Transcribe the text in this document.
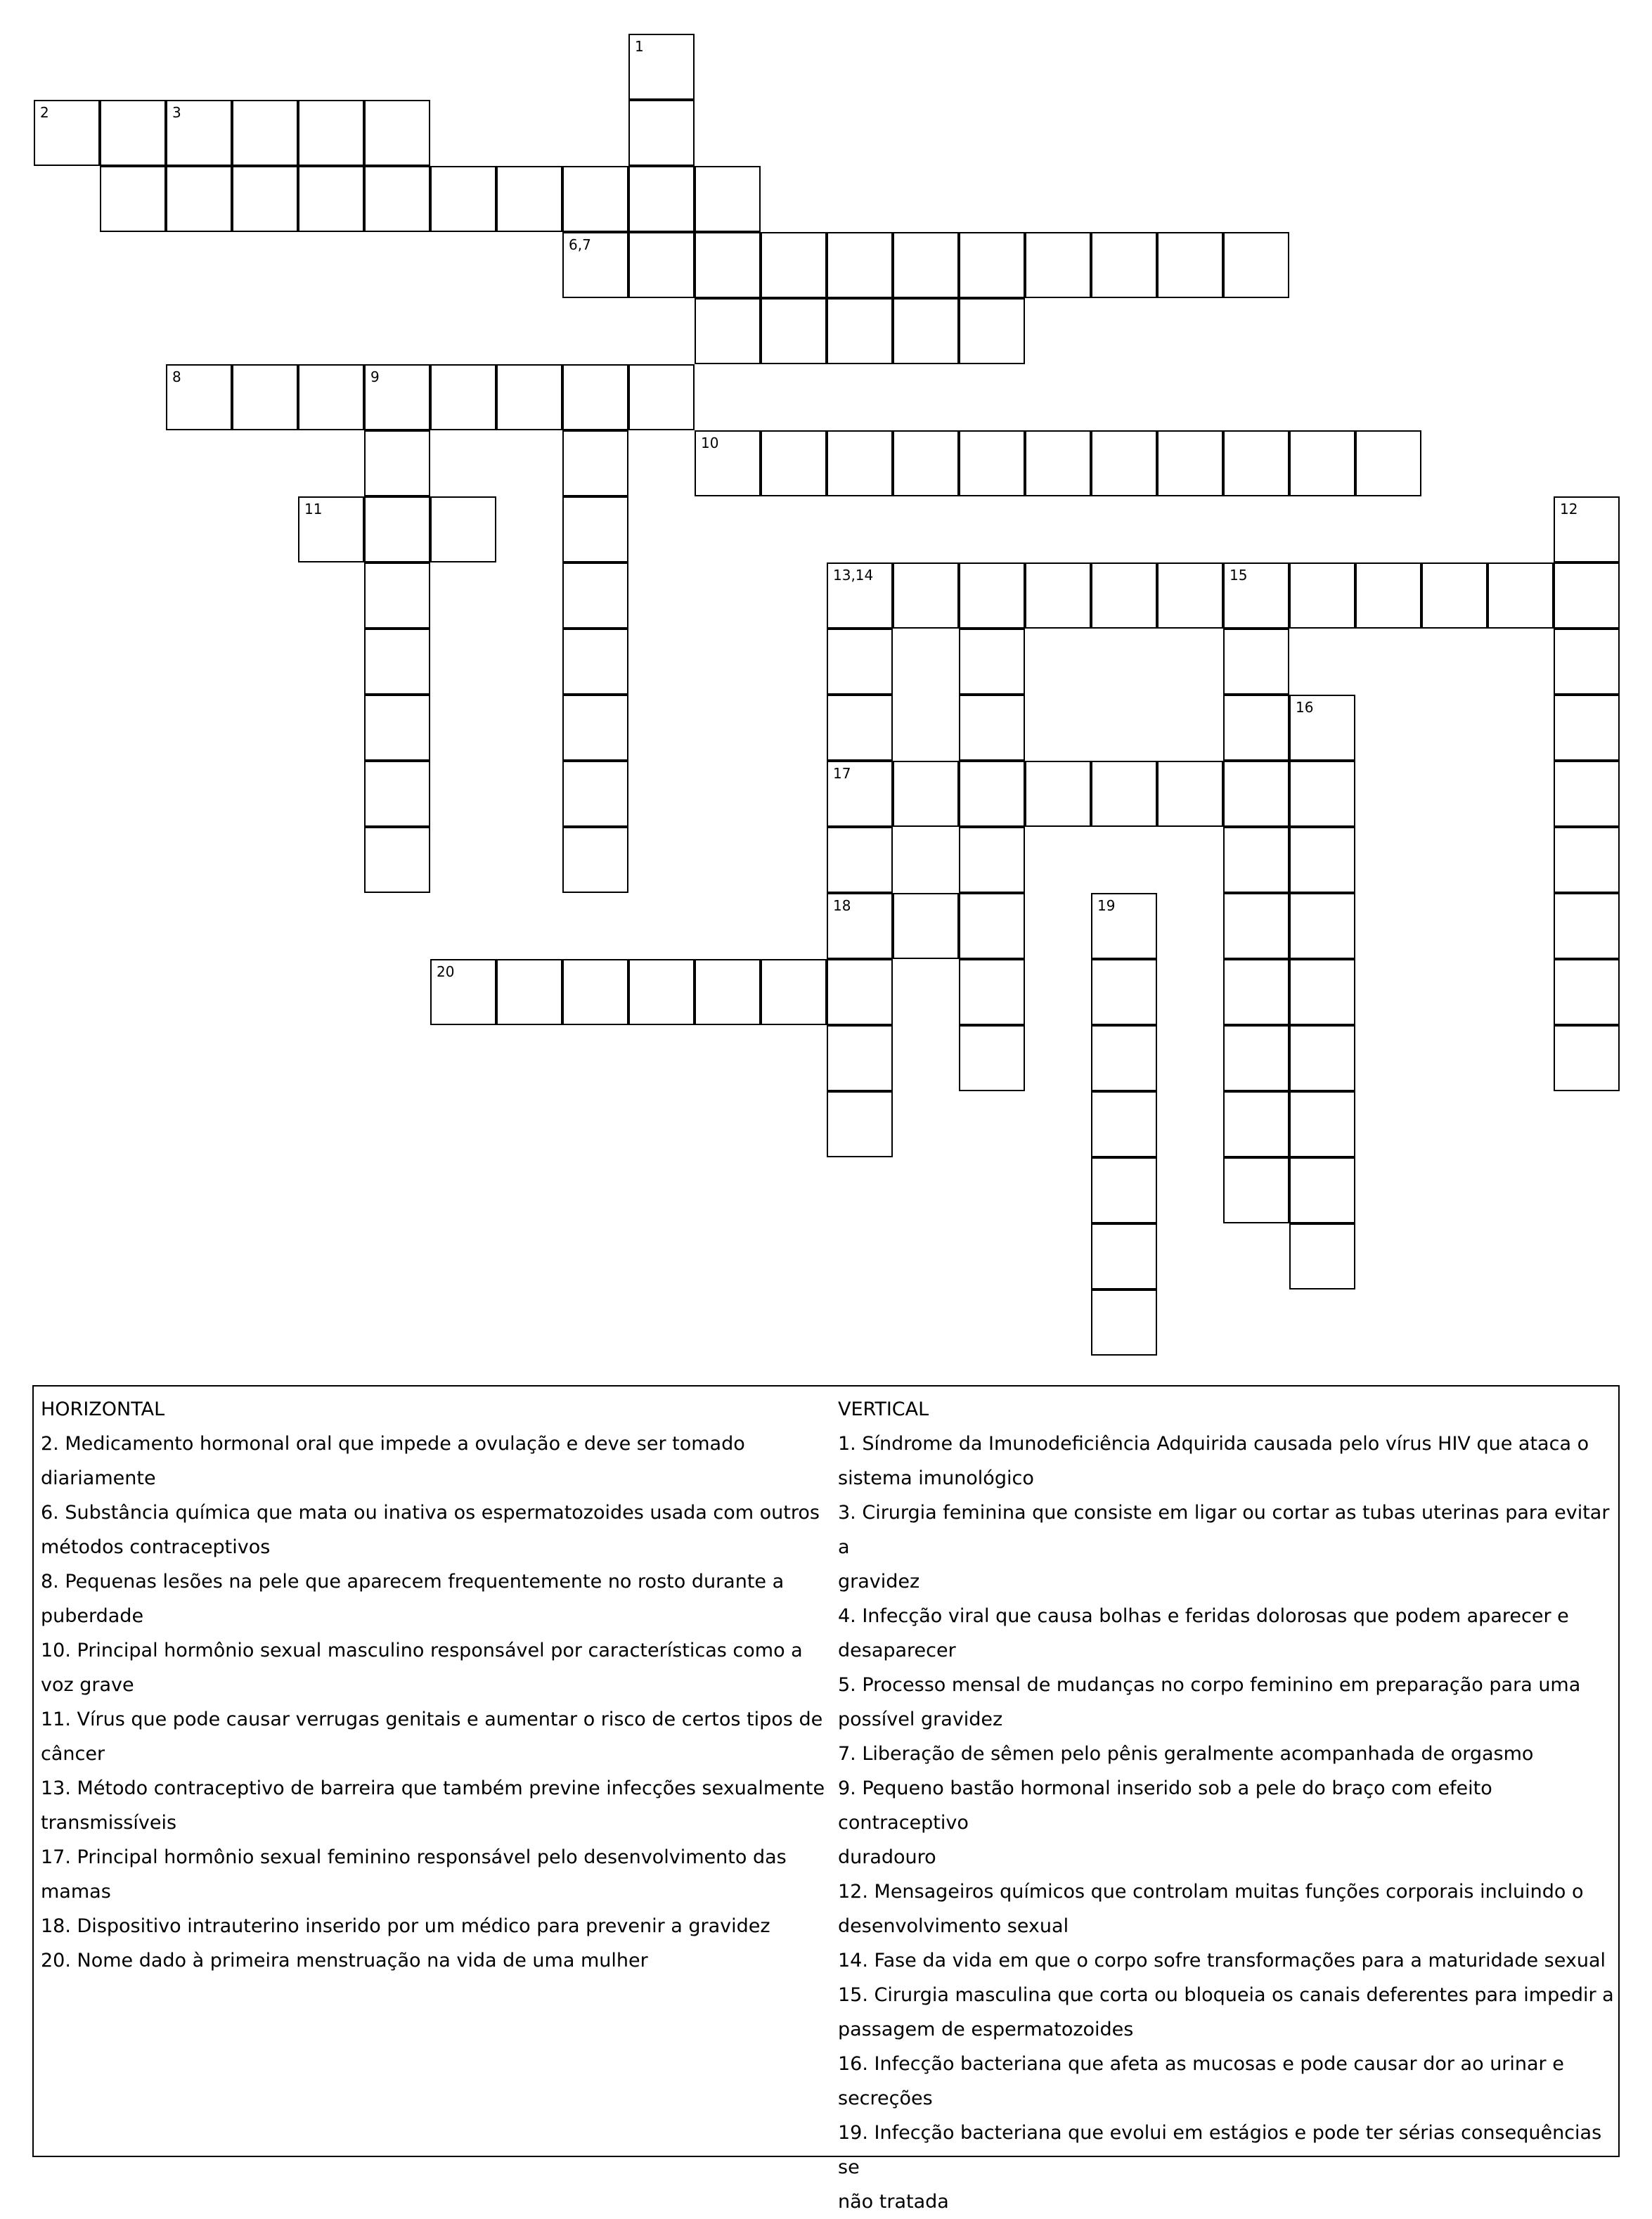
1
2	3
6,7
8	9
10
11	12
13,14	15
16
17
18	19
20
HORIZONTAL
2. Medicamento hormonal oral que impede a ovulação e deve ser tomado
diariamente
6. Substância química que mata ou inativa os espermatozoides usada com outros
métodos contraceptivos
8. Pequenas lesões na pele que aparecem frequentemente no rosto durante a
puberdade
10. Principal hormônio sexual masculino responsável por características como a
voz grave
11. Vírus que pode causar verrugas genitais e aumentar o risco de certos tipos de
câncer
13. Método contraceptivo de barreira que também previne infecções sexualmente
transmissíveis
17. Principal hormônio sexual feminino responsável pelo desenvolvimento das
mamas
18. Dispositivo intrauterino inserido por um médico para prevenir a gravidez
20. Nome dado à primeira menstruação na vida de uma mulher
VERTICAL
1. Síndrome da Imunodeficiência Adquirida causada pelo vírus HIV que ataca o
sistema imunológico
3. Cirurgia feminina que consiste em ligar ou cortar as tubas uterinas para evitar a
gravidez
4. Infecção viral que causa bolhas e feridas dolorosas que podem aparecer e
desaparecer
5. Processo mensal de mudanças no corpo feminino em preparação para uma
possível gravidez
7. Liberação de sêmen pelo pênis geralmente acompanhada de orgasmo
9. Pequeno bastão hormonal inserido sob a pele do braço com efeito contraceptivo
duradouro
12. Mensageiros químicos que controlam muitas funções corporais incluindo o
desenvolvimento sexual
14. Fase da vida em que o corpo sofre transformações para a maturidade sexual
15. Cirurgia masculina que corta ou bloqueia os canais deferentes para impedir a
passagem de espermatozoides
16. Infecção bacteriana que afeta as mucosas e pode causar dor ao urinar e
secreções
19. Infecção bacteriana que evolui em estágios e pode ter sérias consequências se
não tratada
